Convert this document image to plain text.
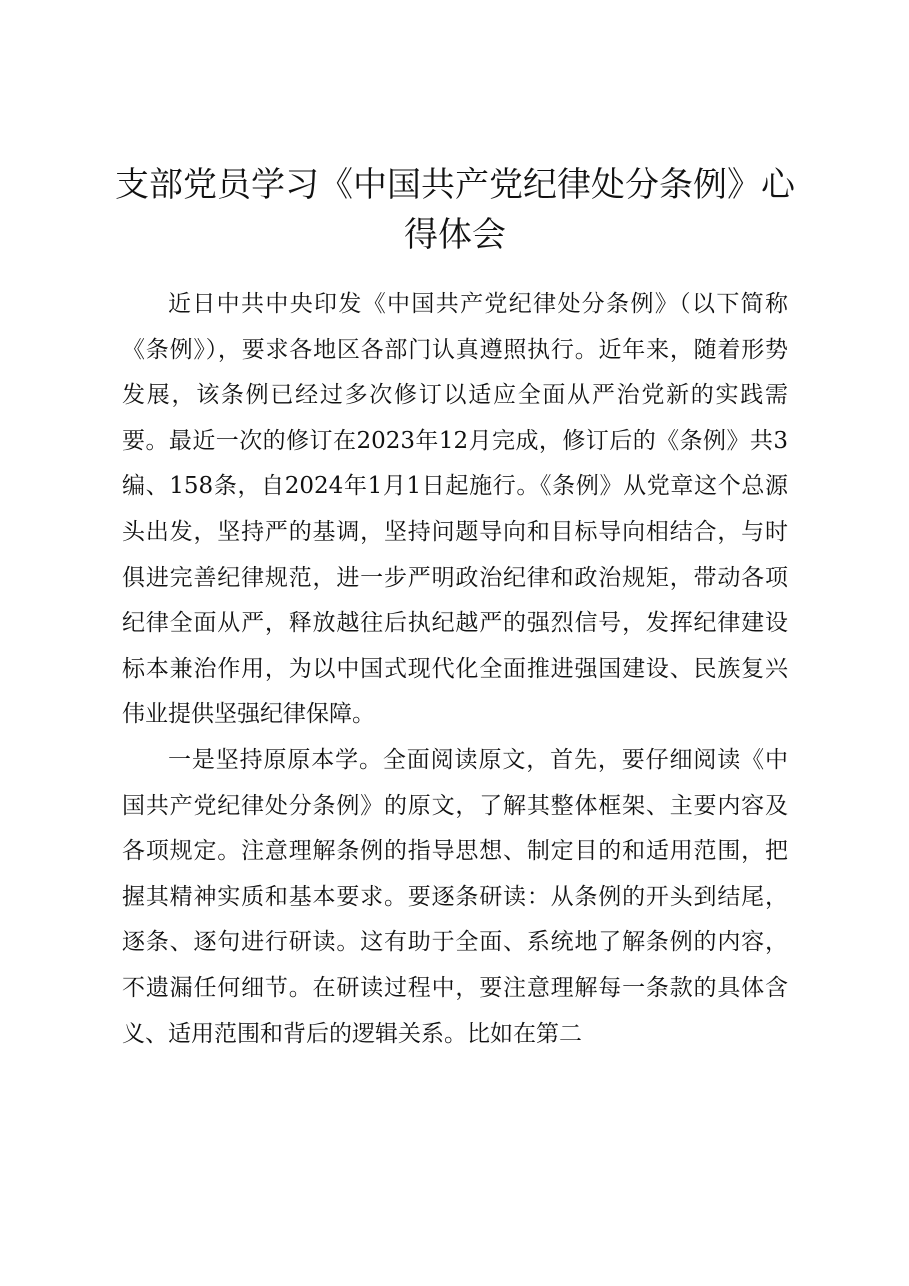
支部党员学习《中国共产党纪律处分条例》心得体会

近日中共中央印发《中国共产党纪律处分条例》（以下简称《条例》），要求各地区各部门认真遵照执行。近年来，随着形势发展，该条例已经过多次修订以适应全面从严治党新的实践需要。最近一次的修订在2023年12月完成，修订后的《条例》共3编、158条，自2024年1月1日起施行。《条例》从党章这个总源头出发，坚持严的基调，坚持问题导向和目标导向相结合，与时俱进完善纪律规范，进一步严明政治纪律和政治规矩，带动各项纪律全面从严，释放越往后执纪越严的强烈信号，发挥纪律建设标本兼治作用，为以中国式现代化全面推进强国建设、民族复兴伟业提供坚强纪律保障。

一是坚持原原本学。全面阅读原文，首先，要仔细阅读《中国共产党纪律处分条例》的原文，了解其整体框架、主要内容及各项规定。注意理解条例的指导思想、制定目的和适用范围，把握其精神实质和基本要求。要逐条研读：从条例的开头到结尾，逐条、逐句进行研读。这有助于全面、系统地了解条例的内容，不遗漏任何细节。在研读过程中，要注意理解每一条款的具体含义、适用范围和背后的逻辑关系。比如在第二
